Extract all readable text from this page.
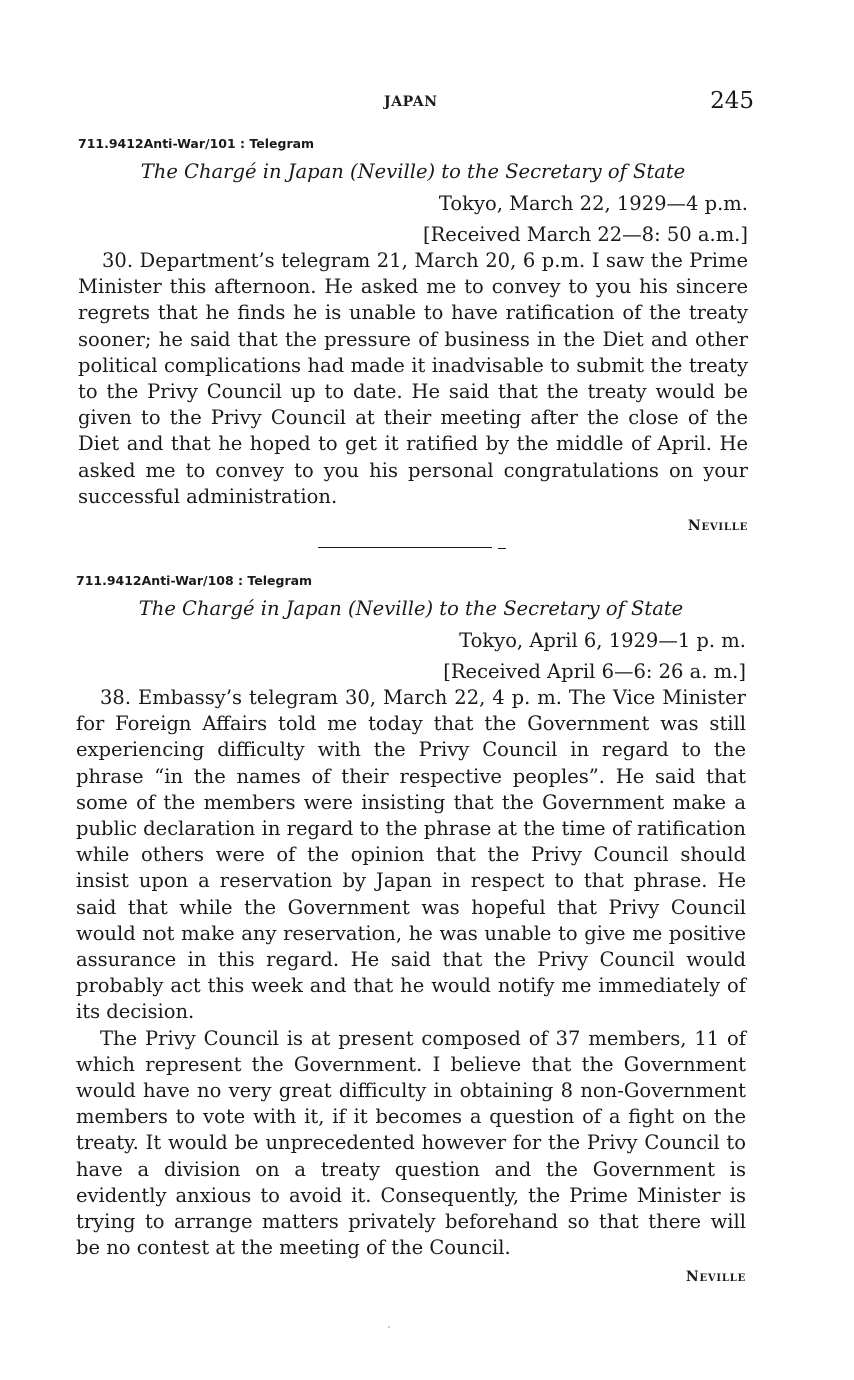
JAPAN	245
711.9412Anti-War/101 : Telegram
The Chargé in Japan (Neville) to the Secretary of State
Tokyo, March 22, 1929—4 p.m.
[Received March 22—8: 50 a.m.]

30. Department’s telegram 21, March 20, 6 p.m. I saw the Prime Minister this afternoon. He asked me to convey to you his sincere regrets that he finds he is unable to have ratification of the treaty sooner; he said that the pressure of business in the Diet and other political complications had made it inadvisable to submit the treaty to the Privy Council up to date. He said that the treaty would be given to the Privy Council at their meeting after the close of the Diet and that he hoped to get it ratified by the middle of April. He asked me to convey to you his personal congratulations on your successful administration.

Neville
711.9412Anti-War/108 : Telegram
The Chargé in Japan (Neville) to the Secretary of State
Tokyo, April 6, 1929—1 p. m.
[Received April 6—6: 26 a. m.]

38. Embassy’s telegram 30, March 22, 4 p. m. The Vice Minister for Foreign Affairs told me today that the Government was still experiencing difficulty with the Privy Council in regard to the phrase “in the names of their respective peoples”. He said that some of the members were insisting that the Government make a public declaration in regard to the phrase at the time of ratification while others were of the opinion that the Privy Council should insist upon a reservation by Japan in respect to that phrase. He said that while the Government was hopeful that Privy Council would not make any reservation, he was unable to give me positive assurance in this regard. He said that the Privy Council would probably act this week and that he would notify me immediately of its decision.

The Privy Council is at present composed of 37 members, 11 of which represent the Government. I believe that the Government would have no very great difficulty in obtaining 8 non-Government members to vote with it, if it becomes a question of a fight on the treaty. It would be unprecedented however for the Privy Council to have a division on a treaty question and the Government is evidently anxious to avoid it. Consequently, the Prime Minister is trying to arrange matters privately beforehand so that there will be no contest at the meeting of the Council.

Neville
